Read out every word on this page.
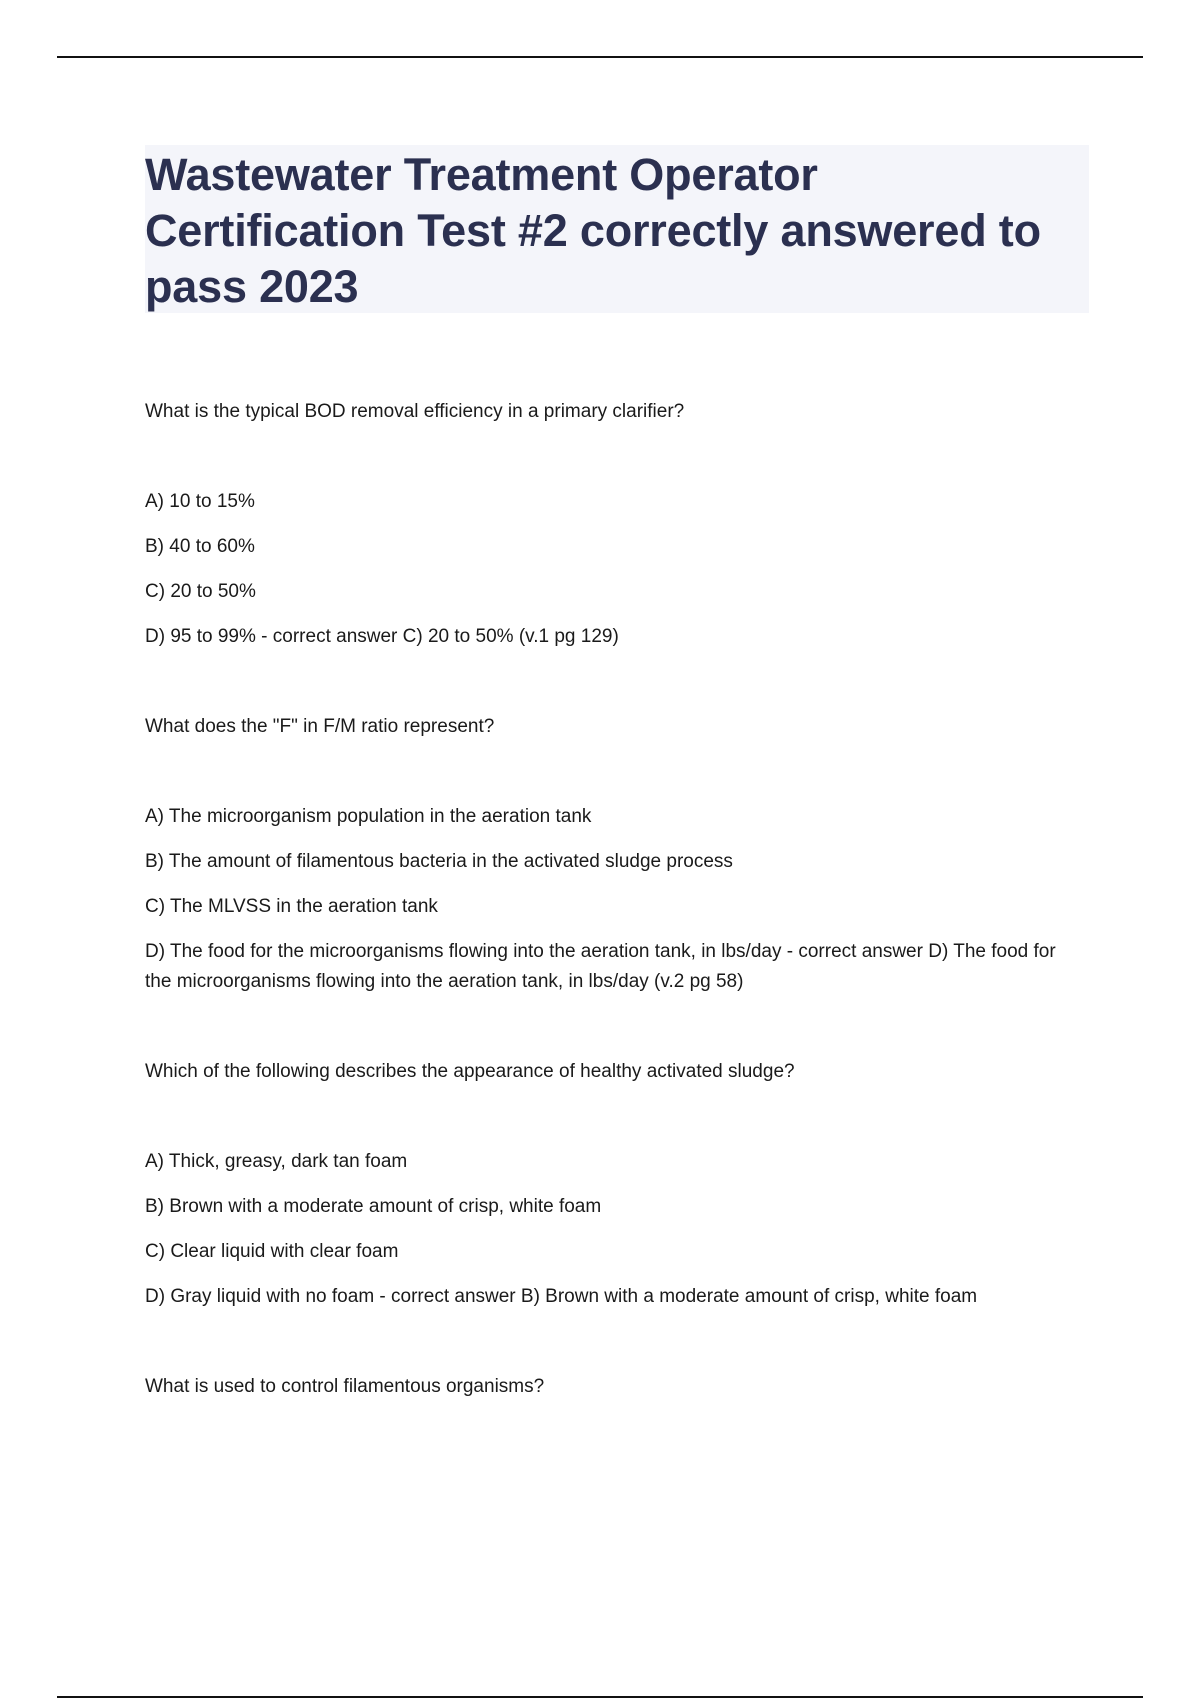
Wastewater Treatment Operator Certification Test #2 correctly answered to pass 2023

What is the typical BOD removal efficiency in a primary clarifier?

A) 10 to 15%
B) 40 to 60%
C) 20 to 50%
D) 95 to 99% - correct answer C) 20 to 50% (v.1 pg 129)

What does the "F" in F/M ratio represent?

A) The microorganism population in the aeration tank
B) The amount of filamentous bacteria in the activated sludge process
C) The MLVSS in the aeration tank
D) The food for the microorganisms flowing into the aeration tank, in lbs/day - correct answer D) The food for the microorganisms flowing into the aeration tank, in lbs/day (v.2 pg 58)

Which of the following describes the appearance of healthy activated sludge?

A) Thick, greasy, dark tan foam
B) Brown with a moderate amount of crisp, white foam
C) Clear liquid with clear foam
D) Gray liquid with no foam - correct answer B) Brown with a moderate amount of crisp, white foam

What is used to control filamentous organisms?
